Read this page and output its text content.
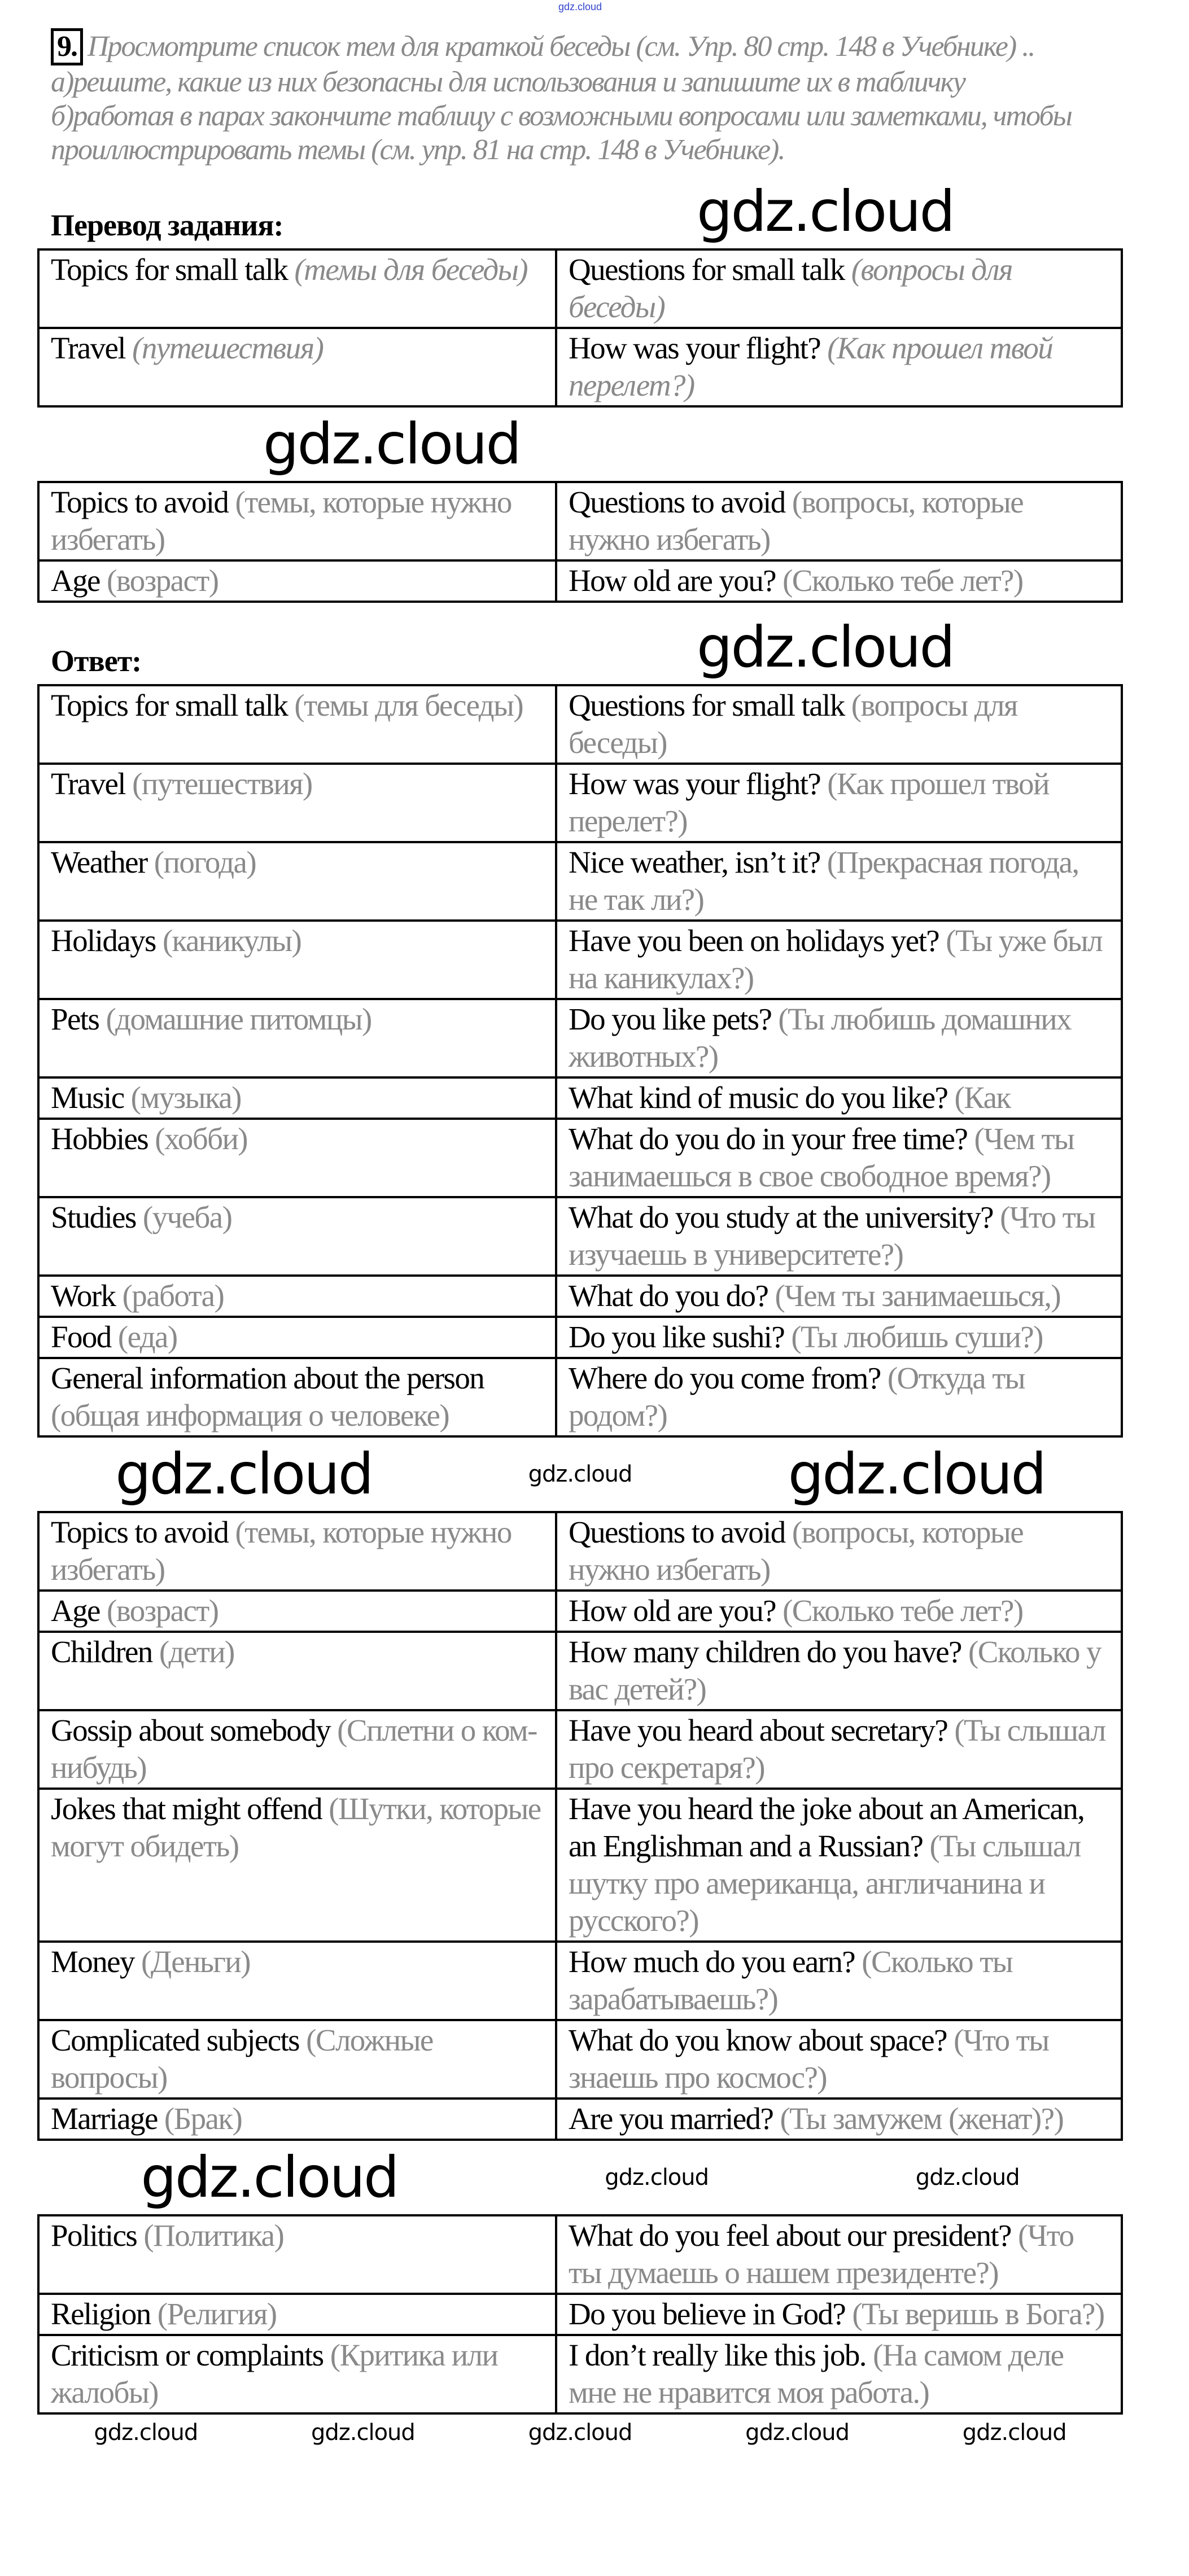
gdz.cloud
9. Просмотрите список тем для краткой беседы (см. Упр. 80 стр. 148 в Учебнике) ..
а)решите, какие из них безопасны для использования и запишите их в табличку
б)работая в парах закончите таблицу с возможными вопросами или заметками, чтобы
проиллюстрировать темы (см. упр. 81 на стр. 148 в Учебнике).
Перевод задания:	gdz.cloud
Topics for small talk (темы для беседы)	Questions for small talk (вопросы для беседы)
Travel (путешествия)	How was your flight? (Как прошел твой перелет?)
gdz.cloud
Topics to avoid (темы, которые нужно избегать)	Questions to avoid (вопросы, которые нужно избегать)
Age (возраст)	How old are you? (Сколько тебе лет?)
Ответ:	gdz.cloud
Topics for small talk (темы для беседы)	Questions for small talk (вопросы для беседы)
Travel (путешествия)	How was your flight? (Как прошел твой перелет?)
Weather (погода)	Nice weather, isn’t it? (Прекрасная погода, не так ли?)
Holidays (каникулы)	Have you been on holidays yet? (Ты уже был на каникулах?)
Pets (домашние питомцы)	Do you like pets? (Ты любишь домашних животных?)
Music (музыка)	What kind of music do you like? (Как
Hobbies (хобби)	What do you do in your free time? (Чем ты занимаешься в свое свободное время?)
Studies (учеба)	What do you study at the university? (Что ты изучаешь в университете?)
Work (работа)	What do you do? (Чем ты занимаешься,)
Food (еда)	Do you like sushi? (Ты любишь суши?)
General information about the person (общая информация о человеке)	Where do you come from? (Откуда ты родом?)
gdz.cloud	gdz.cloud	gdz.cloud
Topics to avoid (темы, которые нужно избегать)	Questions to avoid (вопросы, которые нужно избегать)
Age (возраст)	How old are you? (Сколько тебе лет?)
Children (дети)	How many children do you have? (Сколько у вас детей?)
Gossip about somebody (Сплетни о ком-нибудь)	Have you heard about secretary? (Ты слышал про секретаря?)
Jokes that might offend (Шутки, которые могут обидеть)	Have you heard the joke about an American, an Englishman and a Russian? (Ты слышал шутку про американца, англичанина и русского?)
Money (Деньги)	How much do you earn? (Сколько ты зарабатываешь?)
Complicated subjects (Сложные вопросы)	What do you know about space? (Что ты знаешь про космос?)
Marriage (Брак)	Are you married? (Ты замужем (женат)?)
gdz.cloud	gdz.cloud	gdz.cloud
Politics (Политика)	What do you feel about our president? (Что ты думаешь о нашем президенте?)
Religion (Религия)	Do you believe in God? (Ты веришь в Бога?)
Criticism or complaints (Критика или жалобы)	I don’t really like this job. (На самом деле мне не нравится моя работа.)
gdz.cloud	gdz.cloud	gdz.cloud	gdz.cloud	gdz.cloud
